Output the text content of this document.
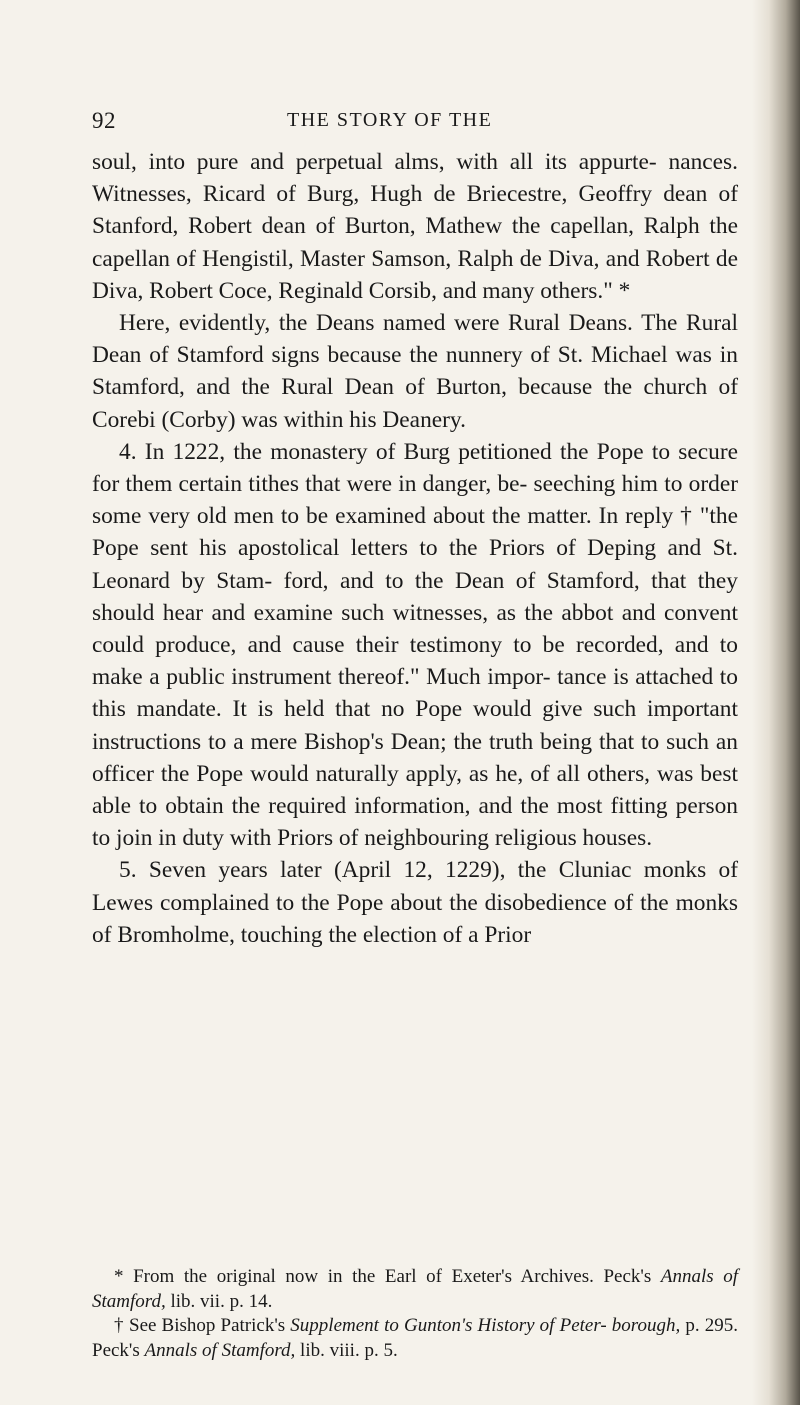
92	THE STORY OF THE

soul, into pure and perpetual alms, with all its appurte- nances. Witnesses, Ricard of Burg, Hugh de Briecestre, Geoffry dean of Stanford, Robert dean of Burton, Mathew the capellan, Ralph the capellan of Hengistil, Master Samson, Ralph de Diva, and Robert de Diva, Robert Coce, Reginald Corsib, and many others." *

Here, evidently, the Deans named were Rural Deans. The Rural Dean of Stamford signs because the nunnery of St. Michael was in Stamford, and the Rural Dean of Burton, because the church of Corebi (Corby) was within his Deanery.

4. In 1222, the monastery of Burg petitioned the Pope to secure for them certain tithes that were in danger, be- seeching him to order some very old men to be examined about the matter. In reply † "the Pope sent his apostolical letters to the Priors of Deping and St. Leonard by Stam- ford, and to the Dean of Stamford, that they should hear and examine such witnesses, as the abbot and convent could produce, and cause their testimony to be recorded, and to make a public instrument thereof." Much impor- tance is attached to this mandate. It is held that no Pope would give such important instructions to a mere Bishop's Dean; the truth being that to such an officer the Pope would naturally apply, as he, of all others, was best able to obtain the required information, and the most fitting person to join in duty with Priors of neighbouring religious houses.

5. Seven years later (April 12, 1229), the Cluniac monks of Lewes complained to the Pope about the disobedience of the monks of Bromholme, touching the election of a Prior

* From the original now in the Earl of Exeter's Archives. Peck's Annals of Stamford, lib. vii. p. 14.

† See Bishop Patrick's Supplement to Gunton's History of Peter- borough, p. 295. Peck's Annals of Stamford, lib. viii. p. 5.
